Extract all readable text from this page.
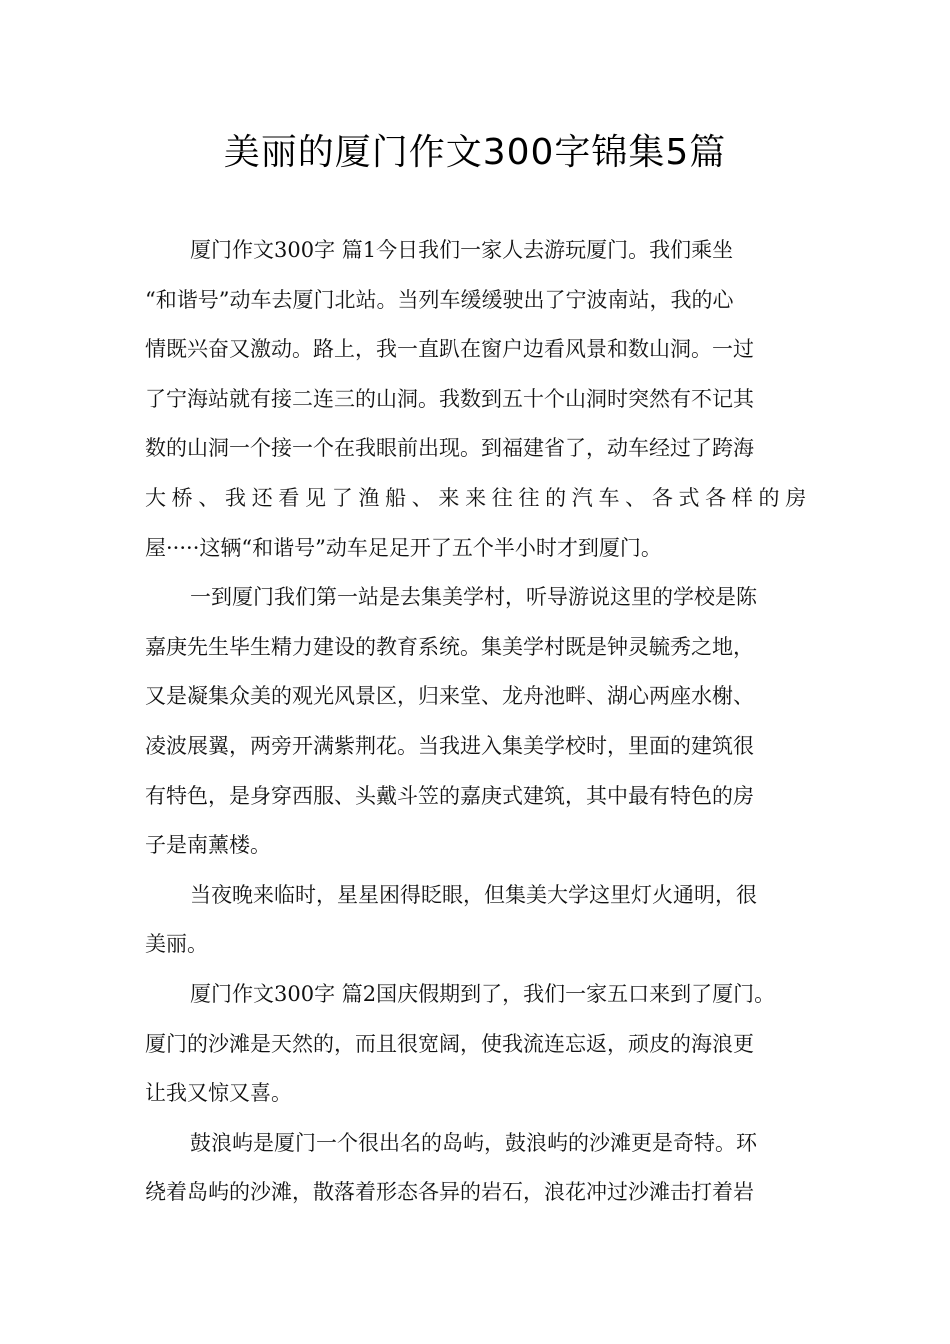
美丽的厦门作文300字锦集5篇
厦门作文300字 篇1今日我们一家人去游玩厦门。我们乘坐
“和谐号”动车去厦门北站。当列车缓缓驶出了宁波南站，我的心
情既兴奋又激动。路上，我一直趴在窗户边看风景和数山洞。一过
了宁海站就有接二连三的山洞。我数到五十个山洞时突然有不记其
数的山洞一个接一个在我眼前出现。到福建省了，动车经过了跨海
大 桥 、 我 还 看 见 了 渔 船 、 来 来 往 往 的 汽 车 、 各 式 各 样 的 房
屋·····这辆“和谐号”动车足足开了五个半小时才到厦门。
一到厦门我们第一站是去集美学村，听导游说这里的学校是陈
嘉庚先生毕生精力建设的教育系统。集美学村既是钟灵毓秀之地，
又是凝集众美的观光风景区，归来堂、龙舟池畔、湖心两座水榭、
凌波展翼，两旁开满紫荆花。当我进入集美学校时，里面的建筑很
有特色，是身穿西服、头戴斗笠的嘉庚式建筑，其中最有特色的房
子是南薰楼。
当夜晚来临时，星星困得眨眼，但集美大学这里灯火通明，很
美丽。
厦门作文300字 篇2国庆假期到了，我们一家五口来到了厦门。
厦门的沙滩是天然的，而且很宽阔，使我流连忘返，顽皮的海浪更
让我又惊又喜。
鼓浪屿是厦门一个很出名的岛屿，鼓浪屿的沙滩更是奇特。环
绕着岛屿的沙滩，散落着形态各异的岩石，浪花冲过沙滩击打着岩
